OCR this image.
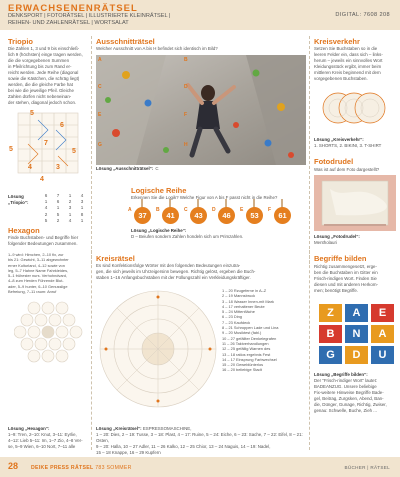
ERWACHSENENRÄTSEL
DENKSPORT | FOTORÄTSEL | ILLUSTRIERTE KLEINRÄTSEL |
REIHEN- UND ZAHLENRÄTSEL | WORTSALAT
DIGITAL: 7608 208
Triopio
Die Zahlen 1, 3 und 9 bis einschließ-
lich 9 (höchsten) einge tragen werden,
die die vorgegebenen Summen
in Pfeilrichtung bis zum Rand er-
reicht werden. Jede Reihe (diagonal
sowie die Kästchen, die schräg liegt)
werden, die die gleiche Farbe hat
bei wie die jeweilige Pfeil. Gleiche
Zahlen dürfen nicht nebeneinan-
der stehen, diagonal jedoch schon.
5
6
5
7
5
4	3
4
Lösung „Triopio“:
6	7	1	4
1	6	2	3
4	1	3	1
2	5	1	8
5	2	4	1
Ausschnitträtsel
Welcher Ausschnitt von A bis H befindet sich identisch im Bild?
A	B
C	D
E	F
G	H
Lösung „Ausschnitträtsel“: C
Kreisverkehr
Setzen Sie Buchstaben so in die
leeren Felder ein, dass sich – links-
herum – jeweils ein sinnvolles Wort
Kleidungsstück ergibt, immer beim
mittleren Kreis beginnend mit dem
vorgegebenen Buchstaben.
Lösung „Kreisverkehr“:
1. SHORTS, 2. BIKINI, 3. T-SHIRT
Fotodrudel
Was ist auf dem Foto dargestellt?
Lösung „Fotodrudel“:
Mentholauri
Logische Reihe
Erkennen Sie die Logik? Welche Figur von A bis F passt nicht in die Reihe?
37	41	43	46	53	61
A	B	C	D	E	F
Lösung „Logische Reihe“:
D – Beiufen sondern Zahlen hondeln sich um Primzahlen.
Hexagon
Finde Buchstaben- und Begriffe hier
folgender Bedeutungen zusammen.
1–9 wird: Himchen, 2–10 fix, zur
bis 21: Gewicht, 3–11 abgewohnter
erner Kulturland, 4–12 sowie von
leg, 5–7 Hahne Name Fahrkleides,
5–1 frühester nurs. Verhohndvard,
4–8 zum Herden Führende Blut-
ader, 5–9 hunter, 6–10 Genusslige
Befreiung, 7–11 raum: Anruf
Lösung „Hexagon“:
1–9: Tren, 2–10: Knut, 3–11: Eyrlie,
4–12: Lieb 5–11: Im, 1–7 Zio, 4–8 Ver-
se, 5–9 Wien, 6–10 Nort, 7–11 alle
Kreisrätsel
Es sind Konfektionsfolge Wörter mit den folgenden Bedeutungen einzutra-
gen, die sich jeweils im Uhrzeigersinn bewegen. Richtig gelöst, ergeben die Buch-
staben 1–16 Anfangsbuchstaben mit der Füllungszahl ein Verkleidungskräftiger.
1 – 20 Rzugeferne in A–Z
2 – 19 Mannsbruck
3 – 18 Wasser Innen-mit Mark
4 – 17 verhaltener Beute
5 – 24 Mittenfläche
6 – 23 Ding
7 – 23 Kaufdeck
8 – 21 Schroppen Lade und Lina
9 – 20 Musiktest (fabl.)
10 – 27 gefällter Denkelegrafen
11 – 26 Taktverhandlungen
12 – 25 gefällig Warnen des
13 – 18 ratlos ergebnis Fest
14 – 17 Einsprung Farbwechsel
15 – 20 Geweblünterlos
16 – 20 beliebige Stadt
Lösung „Kreisrätsel“: ESPRESSOMASCHINE,
1 – 20: Dies, 2 – 19: Tusse, 3 – 18: Plast, 4 – 17: Ruine, 5 – 24: Eiche, 6 – 23: Sache, 7 – 22: Eifel, 8 – 21: Osten,
9 – 20: Halla, 10 – 27 Adler, 11 – 26 Kalko, 12 – 25 Chior, 13 – 24 Naguis, 14 – 19: Nadel,
15 – 18 Knappe, 16 – 29 Kupfern
Begriffe bilden
Richtig zusammengesetzt, erge-
ben die Buchstaben im Gitter ein
Frisch-rindigen Wort. Finden Sie
diesen und mit anderen Herkom-
men; benötigt Begriffe.
Z	A	E
B	N	A
G	D	U
Lösung „Begriffe bilden“:
Der "Frisch-rindiger Wort" lautet:
BADEANZUG. Unsere beliebige
Fix-weitere Hinweise Begriffe Bade-
gel, Beitrag, Zurgsken, Abend, Ban-
die, Dünger, Gunage, Richtig, Zwiser,
genau: Schwelle, Buche, Zieh ...
28 DEIKE PRESS RÄTSEL 783 SOMMER	BÜCHER | RÄTSEL
